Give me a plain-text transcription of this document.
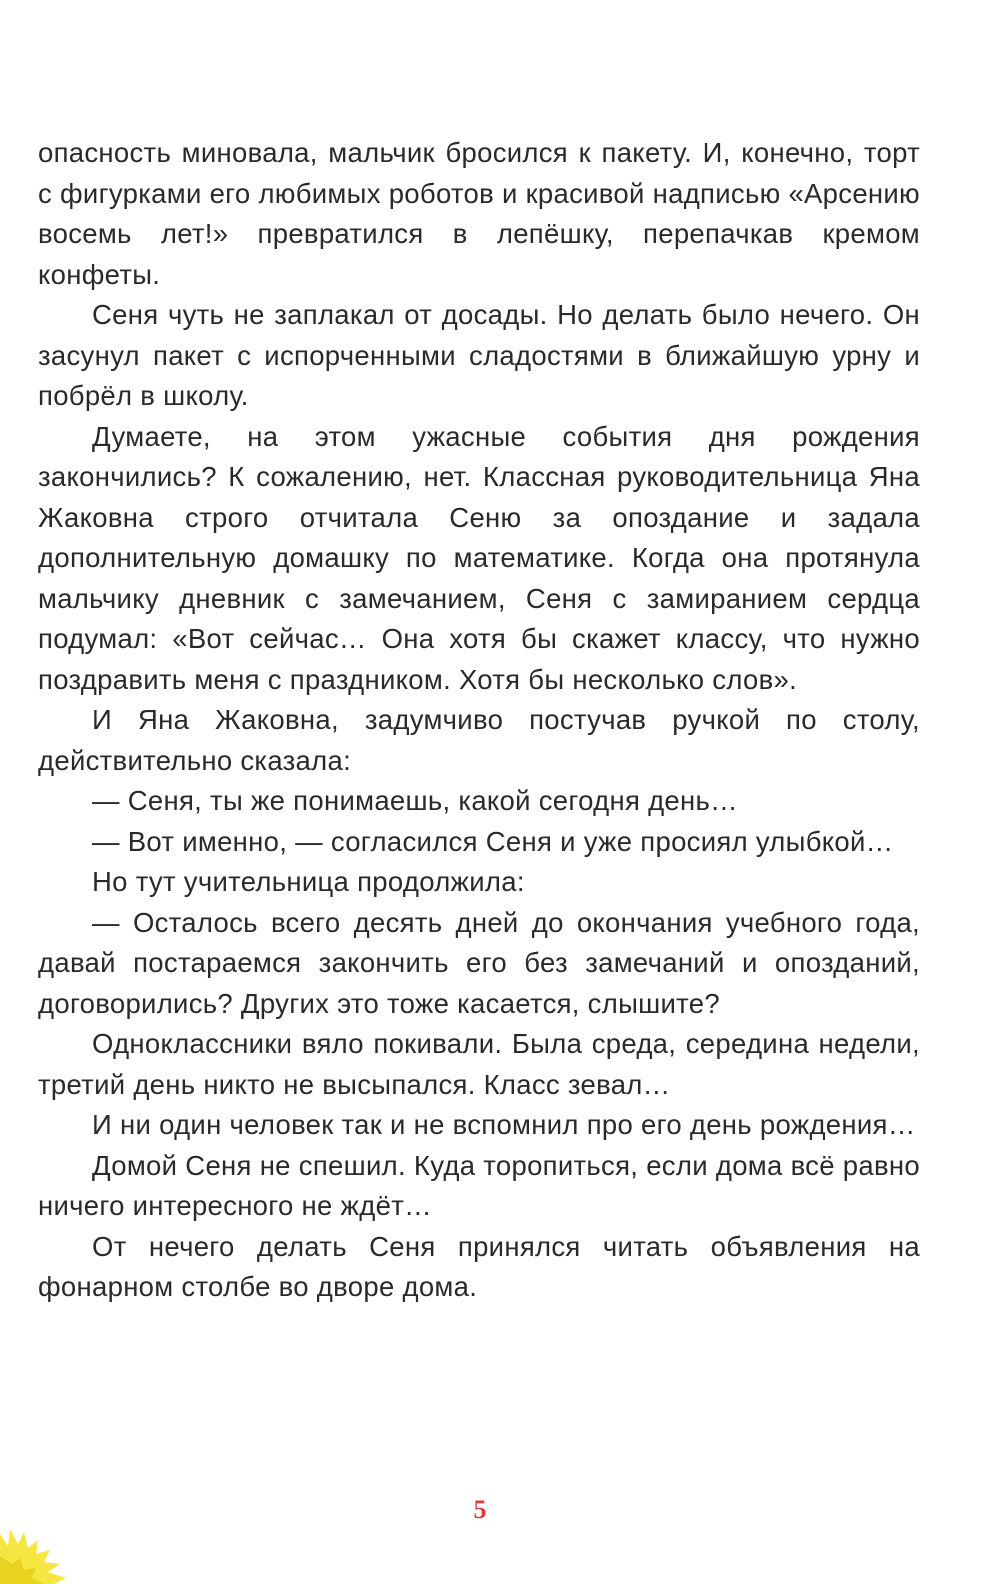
опасность миновала, мальчик бросился к пакету. И, конечно, торт с фигурками его любимых роботов и красивой надписью «Арсению восемь лет!» превратился в лепёшку, перепачкав кремом конфеты.

Сеня чуть не заплакал от досады. Но делать было нечего. Он засунул пакет с испорченными сладостями в ближайшую урну и побрёл в школу.

Думаете, на этом ужасные события дня рождения закончились? К сожалению, нет. Классная руководительница Яна Жаковна строго отчитала Сеню за опоздание и задала дополнительную домашку по математике. Когда она протянула мальчику дневник с замечанием, Сеня с замиранием сердца подумал: «Вот сейчас… Она хотя бы скажет классу, что нужно поздравить меня с праздником. Хотя бы несколько слов».

И Яна Жаковна, задумчиво постучав ручкой по столу, действительно сказала:

— Сеня, ты же понимаешь, какой сегодня день…

— Вот именно, — согласился Сеня и уже просиял улыбкой…

Но тут учительница продолжила:

— Осталось всего десять дней до окончания учебного года, давай постараемся закончить его без замечаний и опозданий, договорились? Других это тоже касается, слышите?

Одноклассники вяло покивали. Была среда, середина недели, третий день никто не высыпался. Класс зевал…

И ни один человек так и не вспомнил про его день рождения…

Домой Сеня не спешил. Куда торопиться, если дома всё равно ничего интересного не ждёт…

От нечего делать Сеня принялся читать объявления на фонарном столбе во дворе дома.

5
